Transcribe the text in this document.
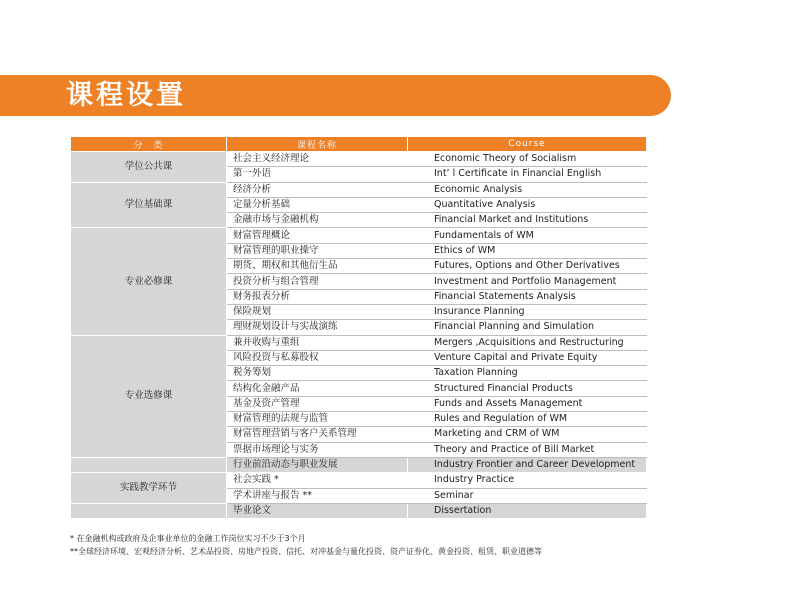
课程设置
分　类	课程名称	Course
学位公共课	社会主义经济理论	Economic Theory of Socialism
	第一外语	Int’ l Certificate in Financial English
学位基础课	经济分析	Economic Analysis
	定量分析基础	Quantitative Analysis
	金融市场与金融机构	Financial Market and Institutions
专业必修课	财富管理概论	Fundamentals of WM
	财富管理的职业操守	Ethics of WM
	期货、期权和其他衍生品	Futures, Options and Other Derivatives
	投资分析与组合管理	Investment and Portfolio Management
	财务报表分析	Financial Statements Analysis
	保险规划	Insurance Planning
	理财规划设计与实战演练	Financial Planning and Simulation
专业选修课	兼并收购与重组	Mergers ,Acquisitions and Restructuring
	风险投资与私募股权	Venture Capital and Private Equity
	税务筹划	Taxation Planning
	结构化金融产品	Structured Financial Products
	基金及资产管理	Funds and Assets Management
	财富管理的法规与监管	Rules and Regulation of WM
	财富管理营销与客户关系管理	Marketing and CRM of WM
	票据市场理论与实务	Theory and Practice of Bill Market
	行业前沿动态与职业发展	Industry Frontier and Career Development
实践教学环节	社会实践 *	Industry Practice
	学术讲座与报告 **	Seminar
	毕业论文	Dissertation
* 在金融机构或政府及企事业单位的金融工作岗位实习不少于3个月
**全球经济环境、宏观经济分析、艺术品投资、房地产投资、信托、对冲基金与量化投资、资产证券化、黄金投资、租赁、职业道德等
